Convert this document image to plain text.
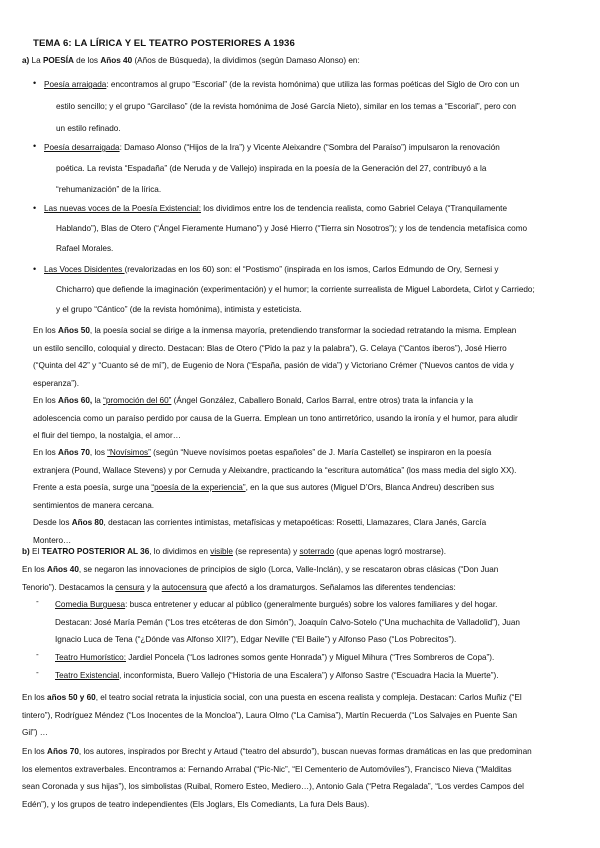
TEMA 6: LA LÍRICA Y EL TEATRO POSTERIORES A 1936
a) La POESÍA de los Años 40 (Años de Búsqueda), la dividimos (según Damaso Alonso) en:
• Poesía arraigada: encontramos al grupo “Escorial” (de la revista homónima) que utiliza las formas poéticas del Siglo de Oro con un
estilo sencillo; y el grupo “Garcilaso” (de la revista homónima de José García Nieto), similar en los temas a “Escorial”, pero con
un estilo refinado.
• Poesía desarraigada: Damaso Alonso (“Hijos de la Ira”) y Vicente Aleixandre (“Sombra del Paraíso”) impulsaron la renovación
poética. La revista “Espadaña” (de Neruda y de Vallejo) inspirada en la poesía de la Generación del 27, contribuyó a la
“rehumanización” de la lírica.
• Las nuevas voces de la Poesía Existencial: los dividimos entre los de tendencia realista, como Gabriel Celaya (“Tranquilamente
Hablando”), Blas de Otero (“Ángel Fieramente Humano”) y José Hierro (“Tierra sin Nosotros”); y los de tendencia metafísica como
Rafael Morales.
• Las Voces Disidentes (revalorizadas en los 60) son: el “Postismo” (inspirada en los ismos, Carlos Edmundo de Ory, Sernesi y
Chicharro) que defiende la imaginación (experimentación) y el humor; la corriente surrealista de Miguel Labordeta, Cirlot y Carriedo;
y el grupo “Cántico” (de la revista homónima), intimista y esteticista.
En los Años 50, la poesía social se dirige a la inmensa mayoría, pretendiendo transformar la sociedad retratando la misma. Emplean
un estilo sencillo, coloquial y directo. Destacan: Blas de Otero (“Pido la paz y la palabra”), G. Celaya (“Cantos íberos”), José Hierro
(“Quinta del 42” y “Cuanto sé de mí”), de Eugenio de Nora (“España, pasión de vida”) y Victoriano Crémer (“Nuevos cantos de vida y
esperanza”).
En los Años 60, la “promoción del 60” (Ángel González, Caballero Bonald, Carlos Barral, entre otros) trata la infancia y la
adolescencia como un paraíso perdido por causa de la Guerra. Emplean un tono antirretórico, usando la ironía y el humor, para aludir
el fluir del tiempo, la nostalgia, el amor…
En los Años 70, los “Novísimos” (según “Nueve novísimos poetas españoles” de J. María Castellet) se inspiraron en la poesía
extranjera (Pound, Wallace Stevens) y por Cernuda y Aleixandre, practicando la “escritura automática” (los mass media del siglo XX).
Frente a esta poesía, surge una “poesía de la experiencia”, en la que sus autores (Miguel D’Ors, Blanca Andreu) describen sus
sentimientos de manera cercana.
Desde los Años 80, destacan las corrientes intimistas, metafísicas y metapoéticas: Rosetti, Llamazares, Clara Janés, García
Montero…
b) El TEATRO POSTERIOR AL 36, lo dividimos en visible (se representa) y soterrado (que apenas logró mostrarse).
En los Años 40, se negaron las innovaciones de principios de siglo (Lorca, Valle-Inclán), y se rescataron obras clásicas (“Don Juan
Tenorio”). Destacamos la censura y la autocensura que afectó a los dramaturgos. Señalamos las diferentes tendencias:
- Comedia Burguesa: busca entretener y educar al público (generalmente burgués) sobre los valores familiares y del hogar.
Destacan: José María Pemán (“Los tres etcéteras de don Simón”), Joaquín Calvo-Sotelo (“Una muchachita de Valladolid”), Juan
Ignacio Luca de Tena (“¿Dónde vas Alfonso XII?”), Edgar Neville (“El Baile”) y Alfonso Paso (“Los Pobrecitos”).
- Teatro Humorístico: Jardiel Poncela (“Los ladrones somos gente Honrada”) y Miguel Mihura (“Tres Sombreros de Copa”).
- Teatro Existencial, inconformista, Buero Vallejo (“Historia de una Escalera”) y Alfonso Sastre (“Escuadra Hacia la Muerte”).
En los años 50 y 60, el teatro social retrata la injusticia social, con una puesta en escena realista y compleja. Destacan: Carlos Muñiz (“El
tintero”), Rodríguez Méndez (“Los Inocentes de la Moncloa”), Laura Olmo (“La Camisa”), Martín Recuerda (“Los Salvajes en Puente San
Gil”) …
En los Años 70, los autores, inspirados por Brecht y Artaud (“teatro del absurdo”), buscan nuevas formas dramáticas en las que predominan
los elementos extraverbales. Encontramos a: Fernando Arrabal (“Pic-Nic”, “El Cementerio de Automóviles”), Francisco Nieva (“Malditas
sean Coronada y sus hijas”), los simbolistas (Ruibal, Romero Esteo, Mediero…), Antonio Gala (“Petra Regalada”, “Los verdes Campos del
Edén”), y los grupos de teatro independientes (Els Joglars, Els Comediants, La fura Dels Baus).
